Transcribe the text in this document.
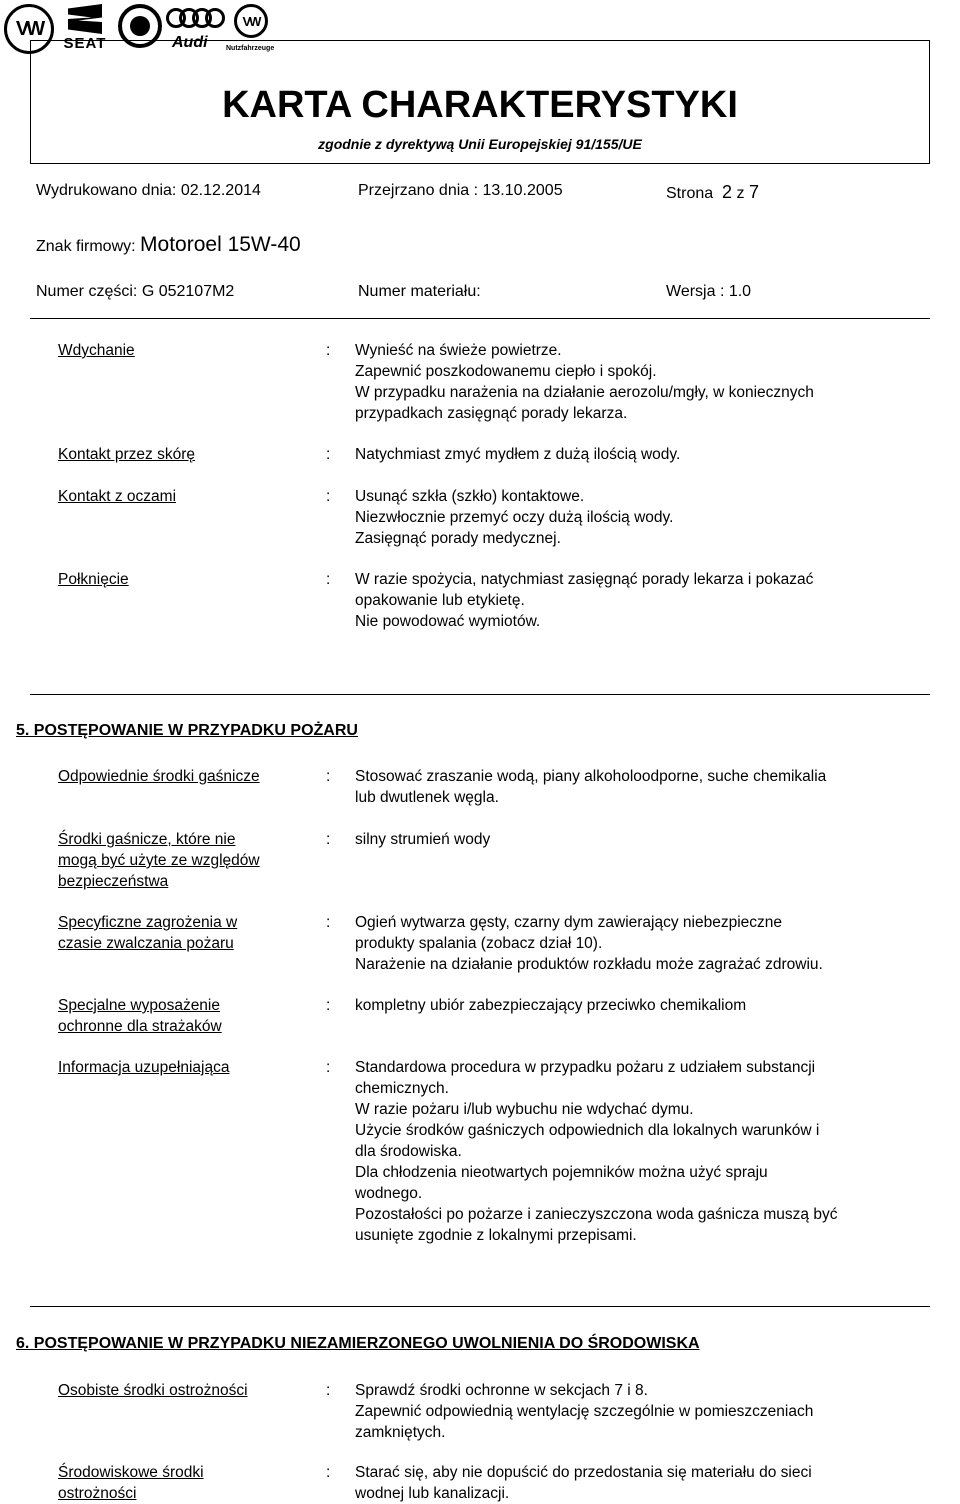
VW
SEAT	Audi
VW
Nutzfahrzeuge
KARTA CHARAKTERYSTYKI
zgodnie z dyrektywą Unii Europejskiej 91/155/UE
Wydrukowano dnia: 02.12.2014	Przejrzano dnia : 13.10.2005	Strona 2 z 7
Znak firmowy: Motoroel 15W-40
Numer części: G 052107M2	Numer materiału:	Wersja : 1.0
Wdychanie	: Wynieść na świeże powietrze.
Zapewnić poszkodowanemu ciepło i spokój.
W przypadku narażenia na działanie aerozolu/mgły, w koniecznych
przypadkach zasięgnąć porady lekarza.
Kontakt przez skórę	: Natychmiast zmyć mydłem z dużą ilością wody.
Kontakt z oczami	: Usunąć szkła (szkło) kontaktowe.
Niezwłocznie przemyć oczy dużą ilością wody.
Zasięgnąć porady medycznej.
Połknięcie	: W razie spożycia, natychmiast zasięgnąć porady lekarza i pokazać
opakowanie lub etykietę.
Nie powodować wymiotów.
5. POSTĘPOWANIE W PRZYPADKU POŻARU
Odpowiednie środki gaśnicze	: Stosować zraszanie wodą, piany alkoholoodporne, suche chemikalia
lub dwutlenek węgla.
Środki gaśnicze, które nie
mogą być użyte ze względów
bezpieczeństwa
: silny strumień wody
Specyficzne zagrożenia w
czasie zwalczania pożaru
: Ogień wytwarza gęsty, czarny dym zawierający niebezpieczne
produkty spalania (zobacz dział 10).
Narażenie na działanie produktów rozkładu może zagrażać zdrowiu.
Specjalne wyposażenie
ochronne dla strażaków
: kompletny ubiór zabezpieczający przeciwko chemikaliom
Informacja uzupełniająca	: Standardowa procedura w przypadku pożaru z udziałem substancji
chemicznych.
W razie pożaru i/lub wybuchu nie wdychać dymu.
Użycie środków gaśniczych odpowiednich dla lokalnych warunków i
dla środowiska.
Dla chłodzenia nieotwartych pojemników można użyć spraju
wodnego.
Pozostałości po pożarze i zanieczyszczona woda gaśnicza muszą być
usunięte zgodnie z lokalnymi przepisami.
6. POSTĘPOWANIE W PRZYPADKU NIEZAMIERZONEGO UWOLNIENIA DO ŚRODOWISKA
Osobiste środki ostrożności	: Sprawdź środki ochronne w sekcjach 7 i 8.
Zapewnić odpowiednią wentylację szczególnie w pomieszczeniach
zamkniętych.
Środowiskowe środki
ostrożności
: Starać się, aby nie dopuścić do przedostania się materiału do sieci
wodnej lub kanalizacji.
